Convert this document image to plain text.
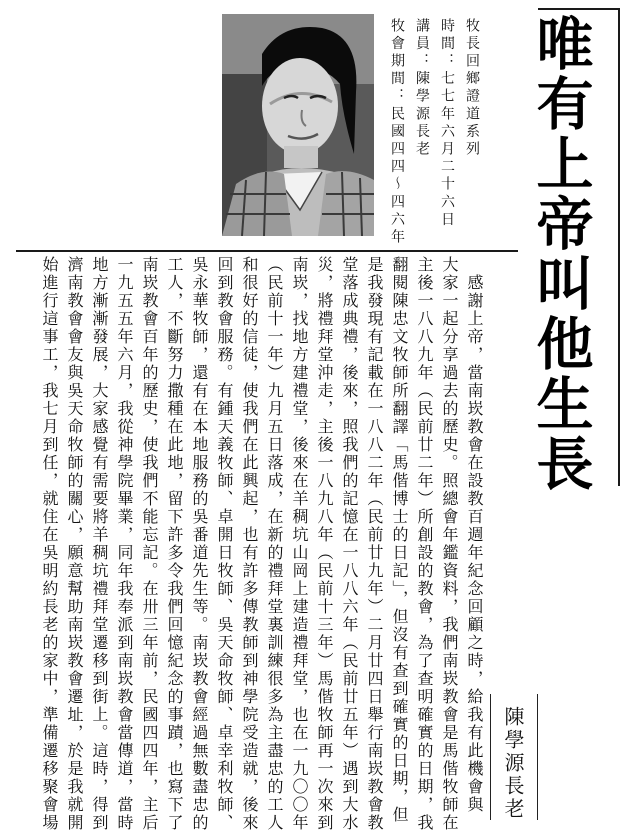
唯有上帝叫他生長
牧長回鄉證道系列
時間：七七年六月二十六日
講員：陳學源長老
牧會期間：民國四四～四六年
陳學源長老
　感謝上帝，當南崁教會在設教百週年紀念回顧之時，給我有此機會與
大家一起分享過去的歷史。照總會年鑑資料，我們南崁教會是馬偕牧師在
主後一八八九年（民前廿二年）所創設的教會，為了查明確實的日期，我
翻閱陳忠文牧師所翻譯「馬偕博士的日記」，但沒有查到確實的日期，但
是我發現有記載在一八八二年（民前廿九年）二月廿四日舉行南崁教會教
堂落成典禮，後來，照我們的記憶在一八八六年（民前廿五年）遇到大水
災，將禮拜堂沖走，主後一八九八年（民前十三年）馬偕牧師再一次來到
南崁，找地方建禮堂，後來在羊稠坑山岡上建造禮拜堂，也在一九〇〇年
（民前十一年）九月五日落成，在新的禮拜堂裏訓練很多為主盡忠的工人
和很好的信徒，使我們在此興起，也有許多傳教師到神學院受造就，後來
回到教會服務。有鍾天義牧師、卓開日牧師、吳天命牧師、卓幸利牧師、
吳永華牧師，還有在本地服務的吳番道先生等。南崁教會經過無數盡忠的
工人，不斷努力撒種在此地，留下許多令我們回憶紀念的事蹟，也寫下了
南崁教會百年的歷史，使我們不能忘記。在卅三年前，民國四四年，主后
一九五五年六月，我從神學院畢業，同年我奉派到南崁教會當傳道，當時
地方漸漸發展，大家感覺有需要將羊稠坑禮拜堂遷移到街上。這時，得到
濟南教會會友與吳天命牧師的關心，願意幫助南崁教會遷址，於是我就開
始進行這事工，我七月到任，就住在吳明約長老的家中，準備遷移聚會場
